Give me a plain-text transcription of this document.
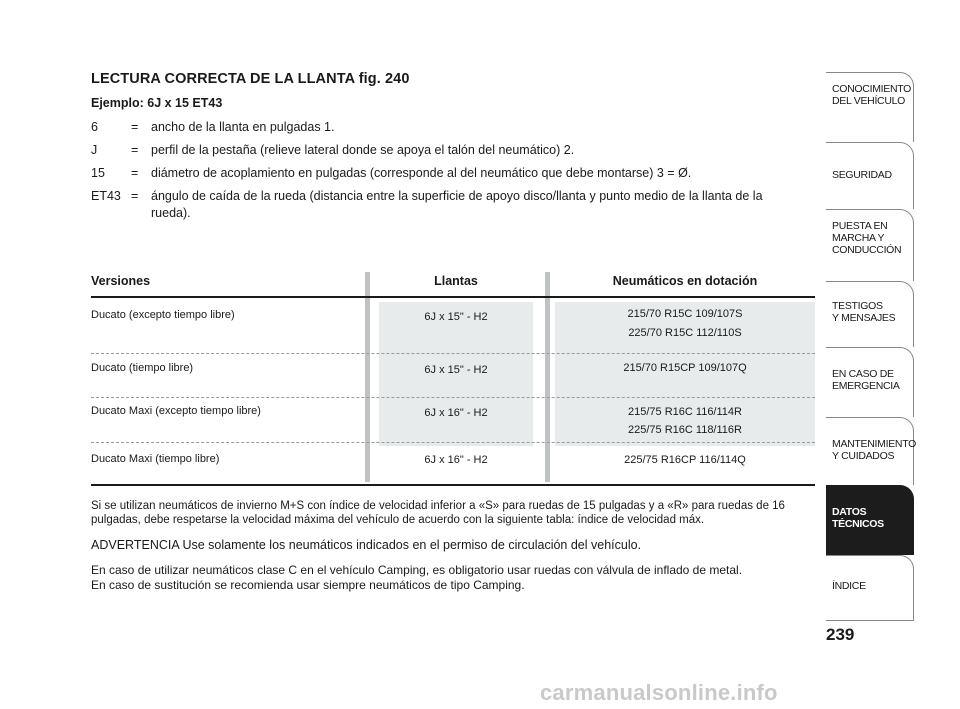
LECTURA CORRECTA DE LA LLANTA fig. 240
Ejemplo: 6J x 15 ET43
6	=	ancho de la llanta en pulgadas 1.
J	=	perfil de la pestaña (relieve lateral donde se apoya el talón del neumático) 2.
15	=	diámetro de acoplamiento en pulgadas (corresponde al del neumático que debe montarse) 3 = Ø.
ET43 =	ángulo de caída de la rueda (distancia entre la superficie de apoyo disco/llanta y punto medio de la llanta de la rueda).
Versiones	Llantas	Neumáticos en dotación
Ducato (excepto tiempo libre)	6J x 15" - H2	215/70 R15C 109/107S
225/70 R15C 112/110S
Ducato (tiempo libre)	6J x 15" - H2	215/70 R15CP 109/107Q
Ducato Maxi (excepto tiempo libre)	6J x 16" - H2	215/75 R16C 116/114R
225/75 R16C 118/116R
Ducato Maxi (tiempo libre)	6J x 16" - H2	225/75 R16CP 116/114Q

Si se utilizan neumáticos de invierno M+S con índice de velocidad inferior a «S» para ruedas de 15 pulgadas y a «R» para ruedas de 16 pulgadas, debe respetarse la velocidad máxima del vehículo de acuerdo con la siguiente tabla: índice de velocidad máx.

ADVERTENCIA Use solamente los neumáticos indicados en el permiso de circulación del vehículo.

En caso de utilizar neumáticos clase C en el vehículo Camping, es obligatorio usar ruedas con válvula de inflado de metal.

En caso de sustitución se recomienda usar siempre neumáticos de tipo Camping.

CONOCIMIENTO
DEL VEHÍCULO
SEGURIDAD
PUESTA EN
MARCHA Y
CONDUCCIÓN
TESTIGOS
Y MENSAJES
EN CASO DE
EMERGENCIA
MANTENIMIENTO
Y CUIDADOS
DATOS
TÉCNICOS
ÍNDICE
239
carmanualsonline.info
